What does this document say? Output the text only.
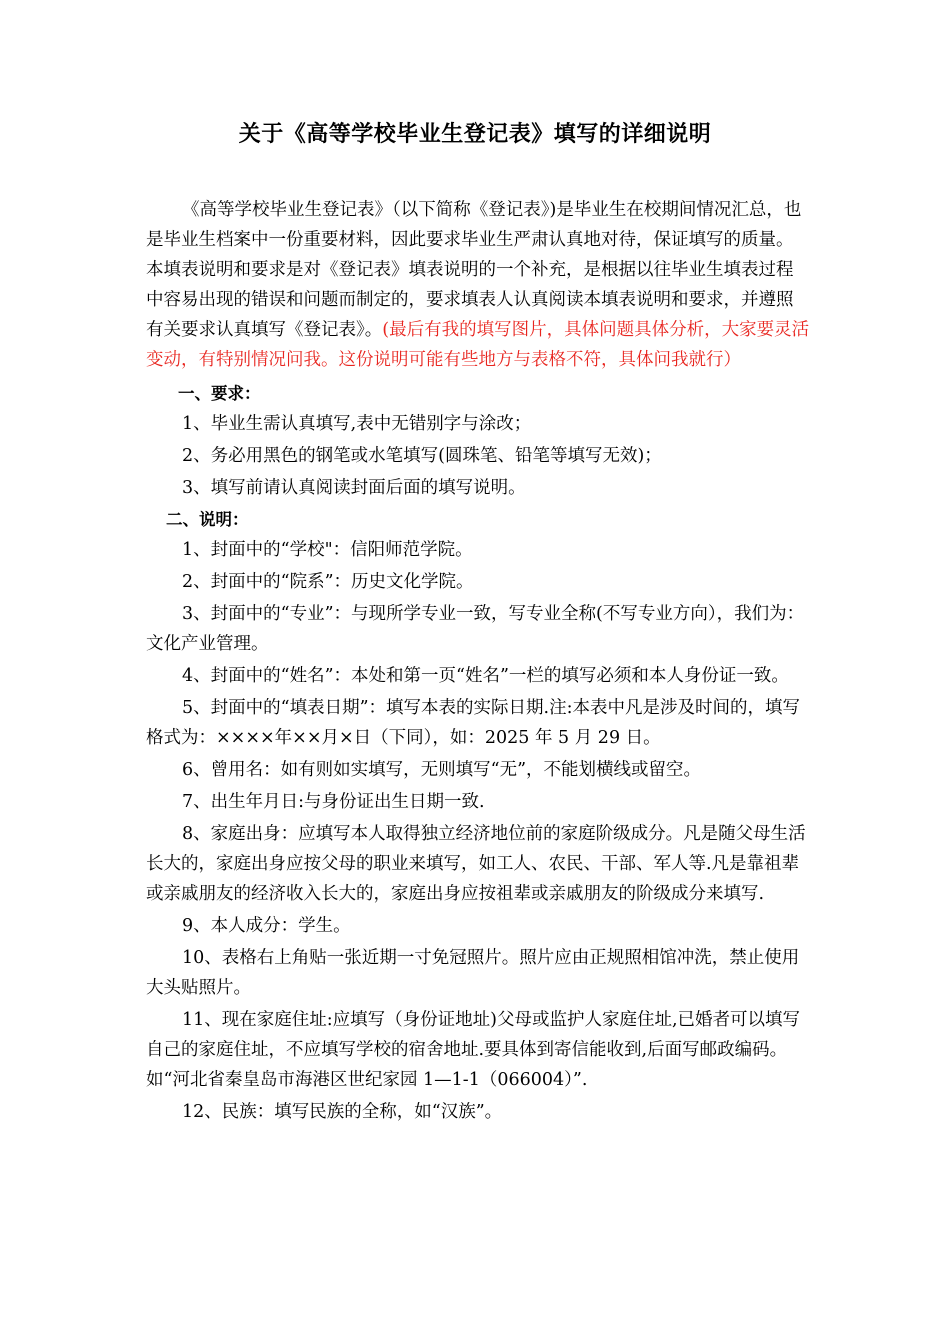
关于《高等学校毕业生登记表》填写的详细说明

《高等学校毕业生登记表》（以下简称《登记表》)是毕业生在校期间情况汇总，也是毕业生档案中一份重要材料，因此要求毕业生严肃认真地对待，保证填写的质量。本填表说明和要求是对《登记表》填表说明的一个补充，是根据以往毕业生填表过程中容易出现的错误和问题而制定的，要求填表人认真阅读本填表说明和要求，并遵照有关要求认真填写《登记表》。(最后有我的填写图片，具体问题具体分析，大家要灵活变动，有特别情况问我。这份说明可能有些地方与表格不符，具体问我就行）

一、要求：

1、毕业生需认真填写,表中无错别字与涂改；

2、务必用黑色的钢笔或水笔填写(圆珠笔、铅笔等填写无效)；

3、填写前请认真阅读封面后面的填写说明。

二、说明：

1、封面中的“学校"：信阳师范学院。

2、封面中的“院系”：历史文化学院。

3、封面中的“专业”：与现所学专业一致，写专业全称(不写专业方向），我们为：文化产业管理。

4、封面中的“姓名”：本处和第一页“姓名”一栏的填写必须和本人身份证一致。

5、封面中的“填表日期”：填写本表的实际日期.注:本表中凡是涉及时间的，填写格式为：××××年××月×日（下同），如：2025 年 5 月 29 日。

6、曾用名：如有则如实填写，无则填写“无”，不能划横线或留空。

7、出生年月日:与身份证出生日期一致.

8、家庭出身：应填写本人取得独立经济地位前的家庭阶级成分。凡是随父母生活长大的，家庭出身应按父母的职业来填写，如工人、农民、干部、军人等.凡是靠祖辈或亲戚朋友的经济收入长大的，家庭出身应按祖辈或亲戚朋友的阶级成分来填写.

9、本人成分：学生。

10、表格右上角贴一张近期一寸免冠照片。照片应由正规照相馆冲洗，禁止使用大头贴照片。

11、现在家庭住址:应填写（身份证地址)父母或监护人家庭住址,已婚者可以填写自己的家庭住址，不应填写学校的宿舍地址.要具体到寄信能收到,后面写邮政编码。如“河北省秦皇岛市海港区世纪家园 1—1-1（066004）”.

12、民族：填写民族的全称，如“汉族”。
